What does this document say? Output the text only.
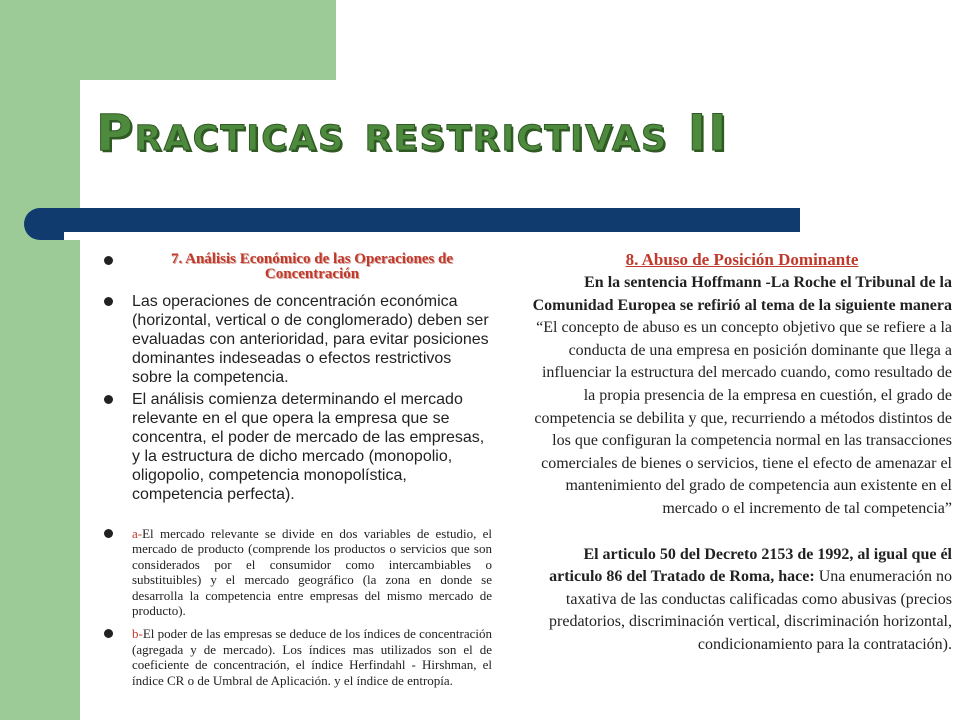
Practicas restrictivas II
7. Análisis Económico de las Operaciones de Concentración
Las operaciones de concentración económica (horizontal, vertical o de conglomerado) deben ser evaluadas con anterioridad, para evitar posiciones dominantes indeseadas o efectos restrictivos sobre la competencia.
El análisis comienza determinando el mercado relevante en el que opera la empresa que se concentra, el poder de mercado de las empresas, y la estructura de dicho mercado (monopolio, oligopolio, competencia monopolística, competencia perfecta).
a-El mercado relevante se divide en dos variables de estudio, el mercado de producto (comprende los productos o servicios que son considerados por el consumidor como intercambiables o substituibles) y el mercado geográfico (la zona en donde se desarrolla la competencia entre empresas del mismo mercado de producto).
b-El poder de las empresas se deduce de los índices de concentración (agregada y de mercado). Los índices mas utilizados son el de coeficiente de concentración, el índice Herfindahl - Hirshman, el índice CR o de Umbral de Aplicación. y el índice de entropía.
8. Abuso de Posición Dominante

En la sentencia Hoffmann -La Roche el Tribunal de la Comunidad Europea se refirió al tema de la siguiente manera “El concepto de abuso es un concepto objetivo que se refiere a la conducta de una empresa en posición dominante que llega a influenciar la estructura del mercado cuando, como resultado de la propia presencia de la empresa en cuestión, el grado de competencia se debilita y que, recurriendo a métodos distintos de los que configuran la competencia normal en las transacciones comerciales de bienes o servicios, tiene el efecto de amenazar el mantenimiento del grado de competencia aun existente en el mercado o el incremento de tal competencia”

El articulo 50 del Decreto 2153 de 1992, al igual que él articulo 86 del Tratado de Roma, hace: Una enumeración no taxativa de las conductas calificadas como abusivas (precios predatorios, discriminación vertical, discriminación horizontal, condicionamiento para la contratación).
